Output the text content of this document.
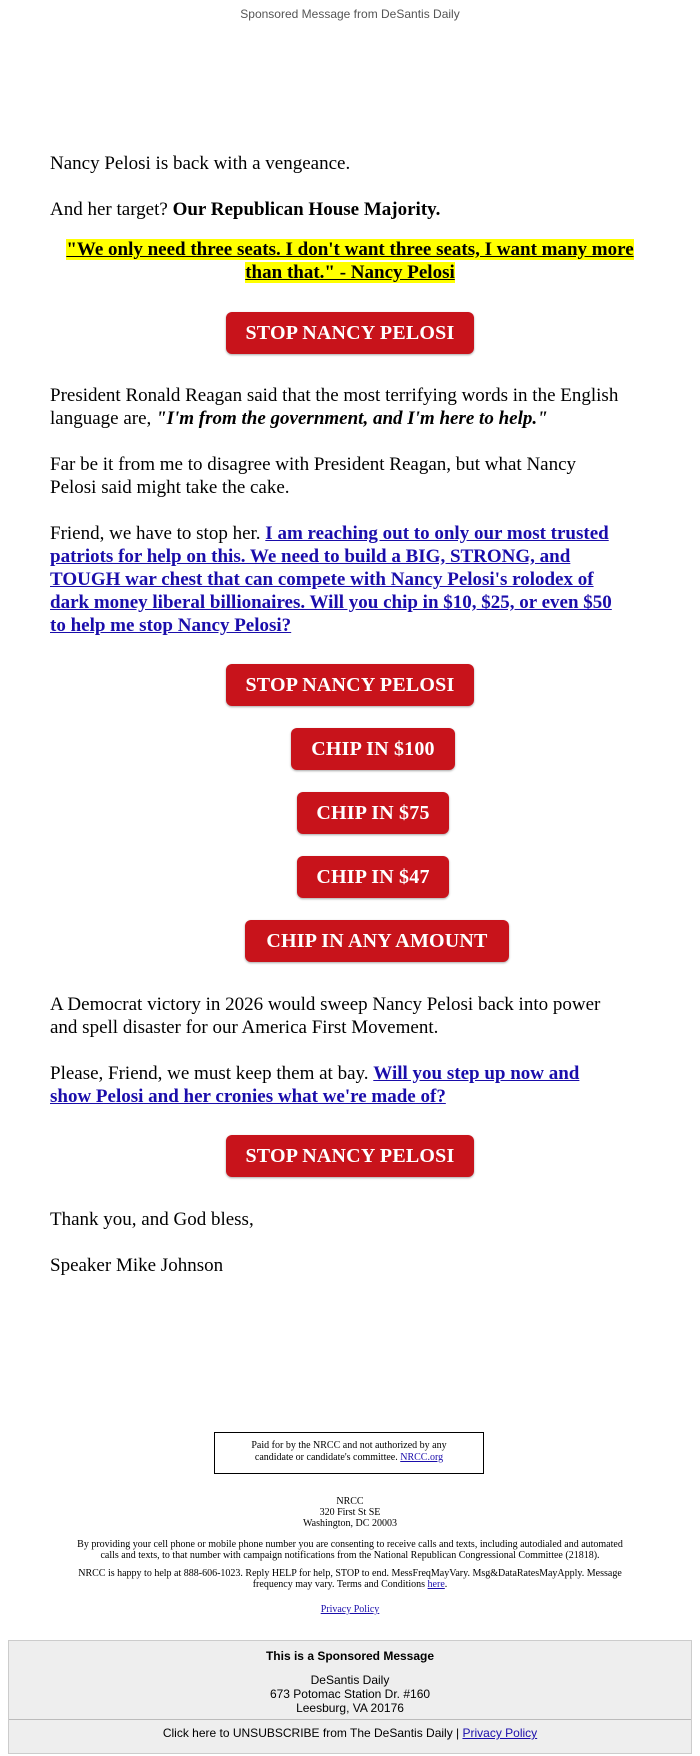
Sponsored Message from DeSantis Daily

Nancy Pelosi is back with a vengeance.

And her target? Our Republican House Majority.

"We only need three seats. I don't want three seats, I want many more
than that." - Nancy Pelosi
STOP NANCY PELOSI

President Ronald Reagan said that the most terrifying words in the English
language are, "I'm from the government, and I'm here to help."

Far be it from me to disagree with President Reagan, but what Nancy
Pelosi said might take the cake.

Friend, we have to stop her. I am reaching out to only our most trusted
patriots for help on this. We need to build a BIG, STRONG, and
TOUGH war chest that can compete with Nancy Pelosi's rolodex of
dark money liberal billionaires. Will you chip in $10, $25, or even $50
to help me stop Nancy Pelosi?

STOP NANCY PELOSI
CHIP IN $100
CHIP IN $75
CHIP IN $47
CHIP IN ANY AMOUNT

A Democrat victory in 2026 would sweep Nancy Pelosi back into power
and spell disaster for our America First Movement.

Please, Friend, we must keep them at bay. Will you step up now and
show Pelosi and her cronies what we're made of?

STOP NANCY PELOSI

Thank you, and God bless,

Speaker Mike Johnson

Paid for by the NRCC and not authorized by any
candidate or candidate's committee. NRCC.org
NRCC
320 First St SE
Washington, DC 20003
By providing your cell phone or mobile phone number you are consenting to receive calls and texts, including autodialed and automated
calls and texts, to that number with campaign notifications from the National Republican Congressional Committee (21818).
NRCC is happy to help at 888-606-1023. Reply HELP for help, STOP to end. MessFreqMayVary. Msg&DataRatesMayApply. Message
frequency may vary. Terms and Conditions here.
Privacy Policy
This is a Sponsored Message
DeSantis Daily
673 Potomac Station Dr. #160
Leesburg, VA 20176
Click here to UNSUBSCRIBE from The DeSantis Daily | Privacy Policy
